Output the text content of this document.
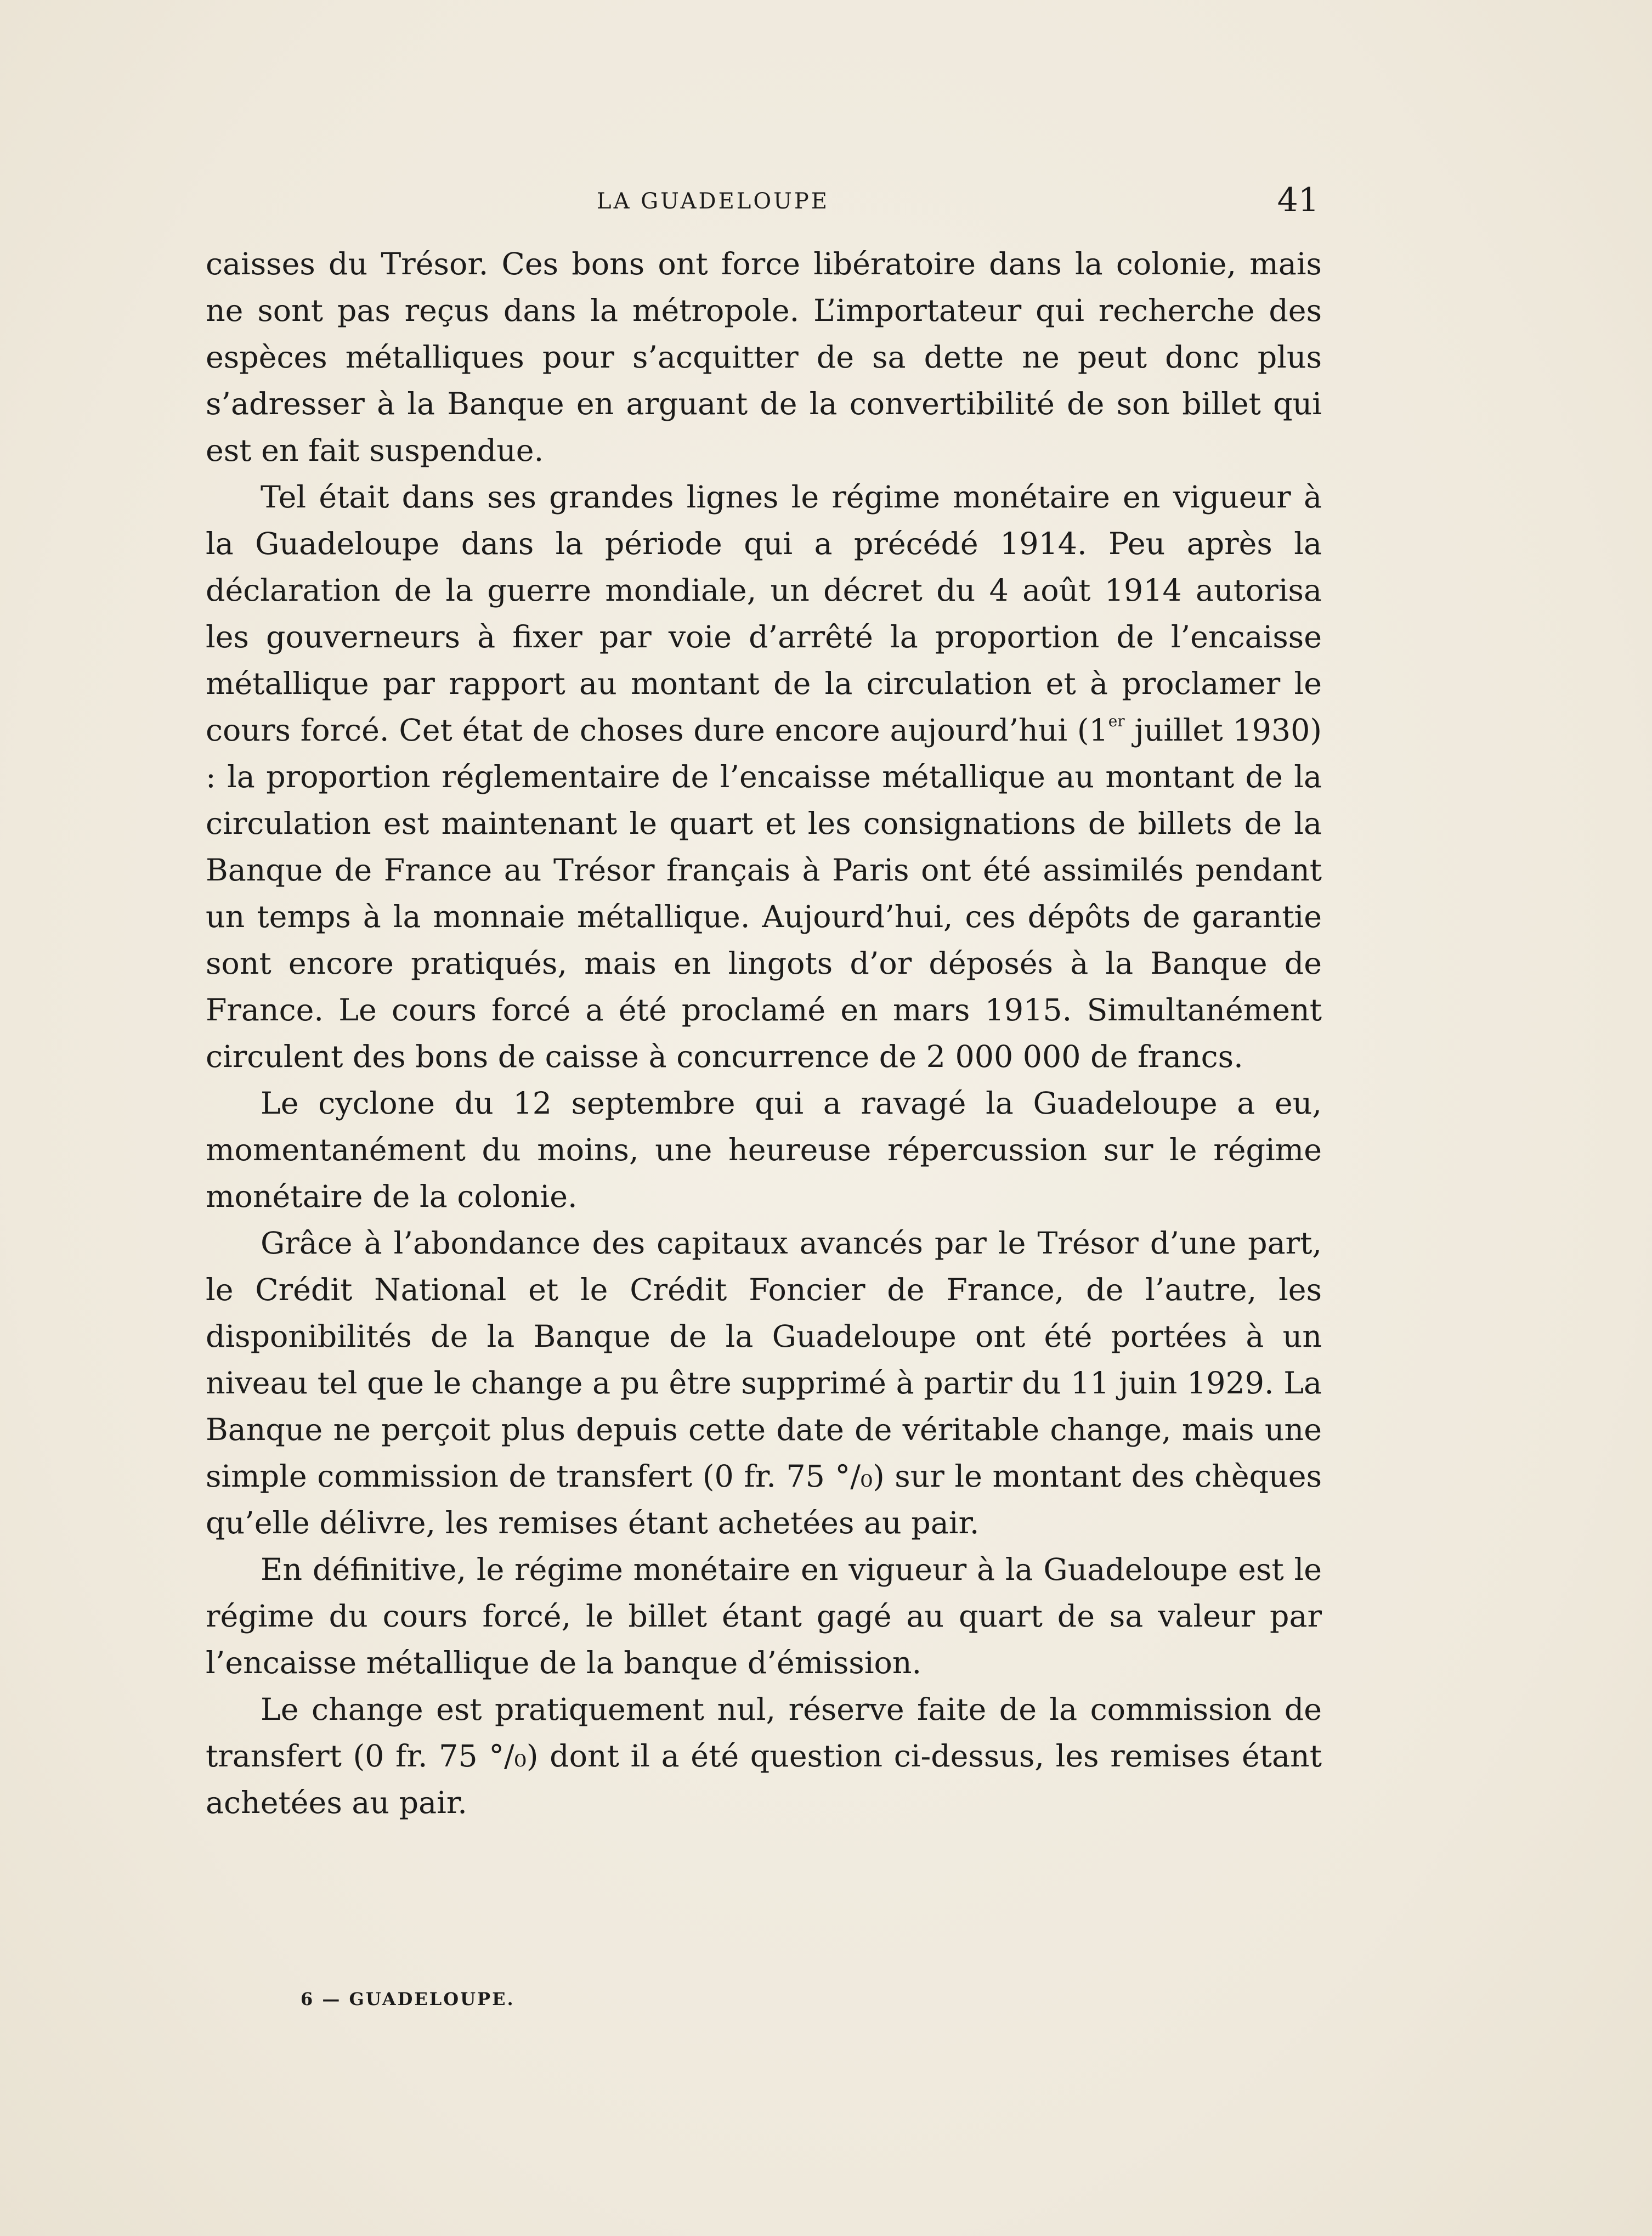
LA GUADELOUPE	41

caisses du Trésor. Ces bons ont force libératoire dans la colonie, mais ne sont pas reçus dans la métropole. L’importateur qui recherche des espèces métalliques pour s’acquitter de sa dette ne peut donc plus s’adresser à la Banque en arguant de la convertibilité de son billet qui est en fait suspendue.

Tel était dans ses grandes lignes le régime monétaire en vigueur à la Guadeloupe dans la période qui a précédé 1914. Peu après la déclaration de la guerre mondiale, un décret du 4 août 1914 autorisa les gouverneurs à fixer par voie d’arrêté la proportion de l’encaisse métallique par rapport au montant de la circulation et à proclamer le cours forcé. Cet état de choses dure encore aujourd’hui (1er juillet 1930) : la proportion réglementaire de l’encaisse métallique au montant de la circulation est maintenant le quart et les consignations de billets de la Banque de France au Trésor français à Paris ont été assimilés pendant un temps à la monnaie métallique. Aujourd’hui, ces dépôts de garantie sont encore pratiqués, mais en lingots d’or déposés à la Banque de France. Le cours forcé a été proclamé en mars 1915. Simultanément circulent des bons de caisse à concurrence de 2 000 000 de francs.

Le cyclone du 12 septembre qui a ravagé la Guadeloupe a eu, momentanément du moins, une heureuse répercussion sur le régime monétaire de la colonie.

Grâce à l’abondance des capitaux avancés par le Trésor d’une part, le Crédit National et le Crédit Foncier de France, de l’autre, les disponibilités de la Banque de la Guadeloupe ont été portées à un niveau tel que le change a pu être supprimé à partir du 11 juin 1929. La Banque ne perçoit plus depuis cette date de véritable change, mais une simple commission de transfert (0 fr. 75 °/₀) sur le montant des chèques qu’elle délivre, les remises étant achetées au pair.

En définitive, le régime monétaire en vigueur à la Guadeloupe est le régime du cours forcé, le billet étant gagé au quart de sa valeur par l’encaisse métallique de la banque d’émission.

Le change est pratiquement nul, réserve faite de la commission de transfert (0 fr. 75 °/₀) dont il a été question ci-dessus, les remises étant achetées au pair.

6 — GUADELOUPE.
